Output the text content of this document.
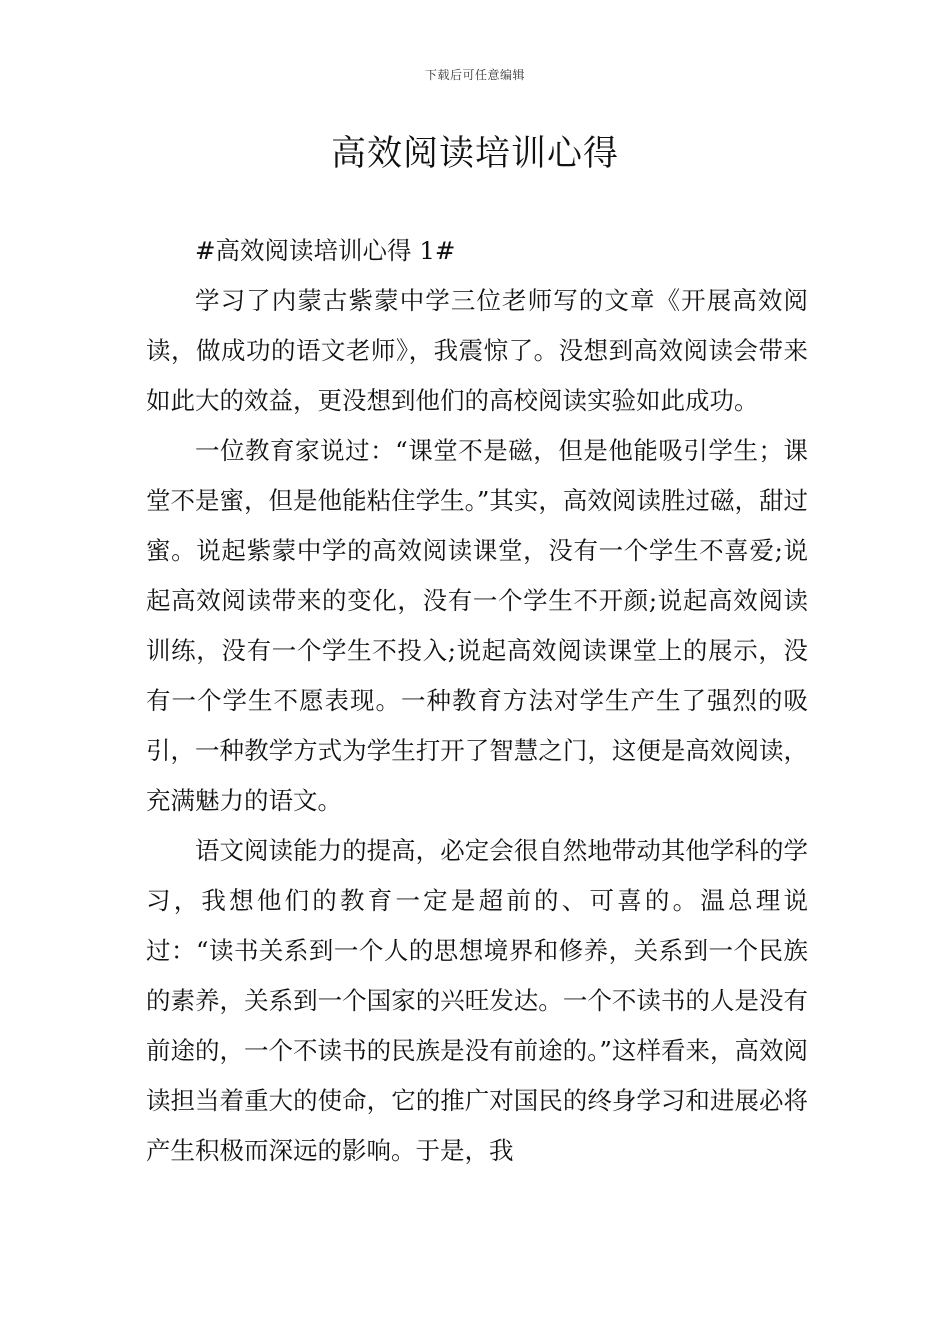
下载后可任意编辑
高效阅读培训心得

#高效阅读培训心得 1#

学习了内蒙古紫蒙中学三位老师写的文章《开展高效阅读，做成功的语文老师》，我震惊了。没想到高效阅读会带来如此大的效益，更没想到他们的高校阅读实验如此成功。

一位教育家说过：“课堂不是磁，但是他能吸引学生；课堂不是蜜，但是他能粘住学生。”其实，高效阅读胜过磁，甜过蜜。说起紫蒙中学的高效阅读课堂，没有一个学生不喜爱;说起高效阅读带来的变化，没有一个学生不开颜;说起高效阅读训练，没有一个学生不投入;说起高效阅读课堂上的展示，没有一个学生不愿表现。一种教育方法对学生产生了强烈的吸引，一种教学方式为学生打开了智慧之门，这便是高效阅读，充满魅力的语文。

语文阅读能力的提高，必定会很自然地带动其他学科的学习，我想他们的教育一定是超前的、可喜的。温总理说过：“读书关系到一个人的思想境界和修养，关系到一个民族的素养，关系到一个国家的兴旺发达。一个不读书的人是没有前途的，一个不读书的民族是没有前途的。”这样看来，高效阅读担当着重大的使命，它的推广对国民的终身学习和进展必将产生积极而深远的影响。于是，我
